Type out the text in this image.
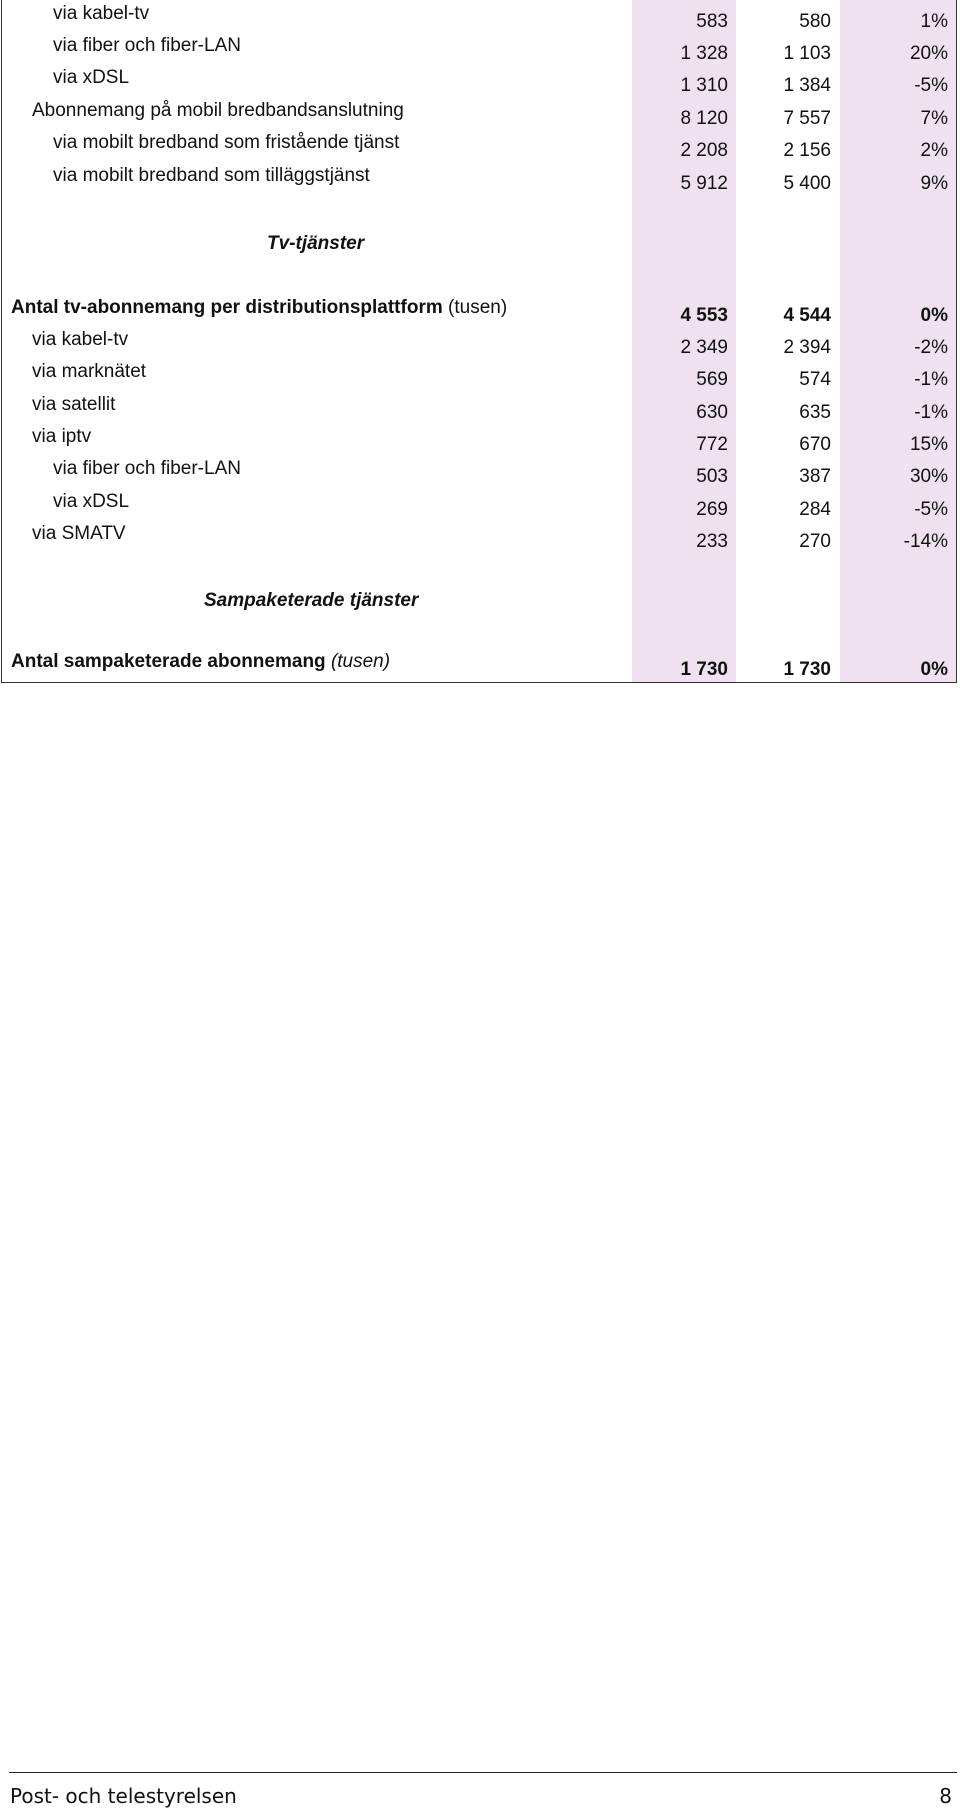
via kabel-tv	583	580	1%
via fiber och fiber-LAN	1 328	1 103	20%
via xDSL	1 310	1 384	-5%
Abonnemang på mobil bredbandsanslutning	8 120	7 557	7%
via mobilt bredband som fristående tjänst	2 208	2 156	2%
via mobilt bredband som tilläggstjänst	5 912	5 400	9%
Tv-tjänster
Antal tv-abonnemang per distributionsplattform (tusen)	4 553	4 544	0%
via kabel-tv	2 349	2 394	-2%
via marknätet	569	574	-1%
via satellit	630	635	-1%
via iptv	772	670	15%
via fiber och fiber-LAN	503	387	30%
via xDSL	269	284	-5%
via SMATV	233	270	-14%
Sampaketerade tjänster
Antal sampaketerade abonnemang (tusen)	1 730	1 730	0%
Post- och telestyrelsen	8
